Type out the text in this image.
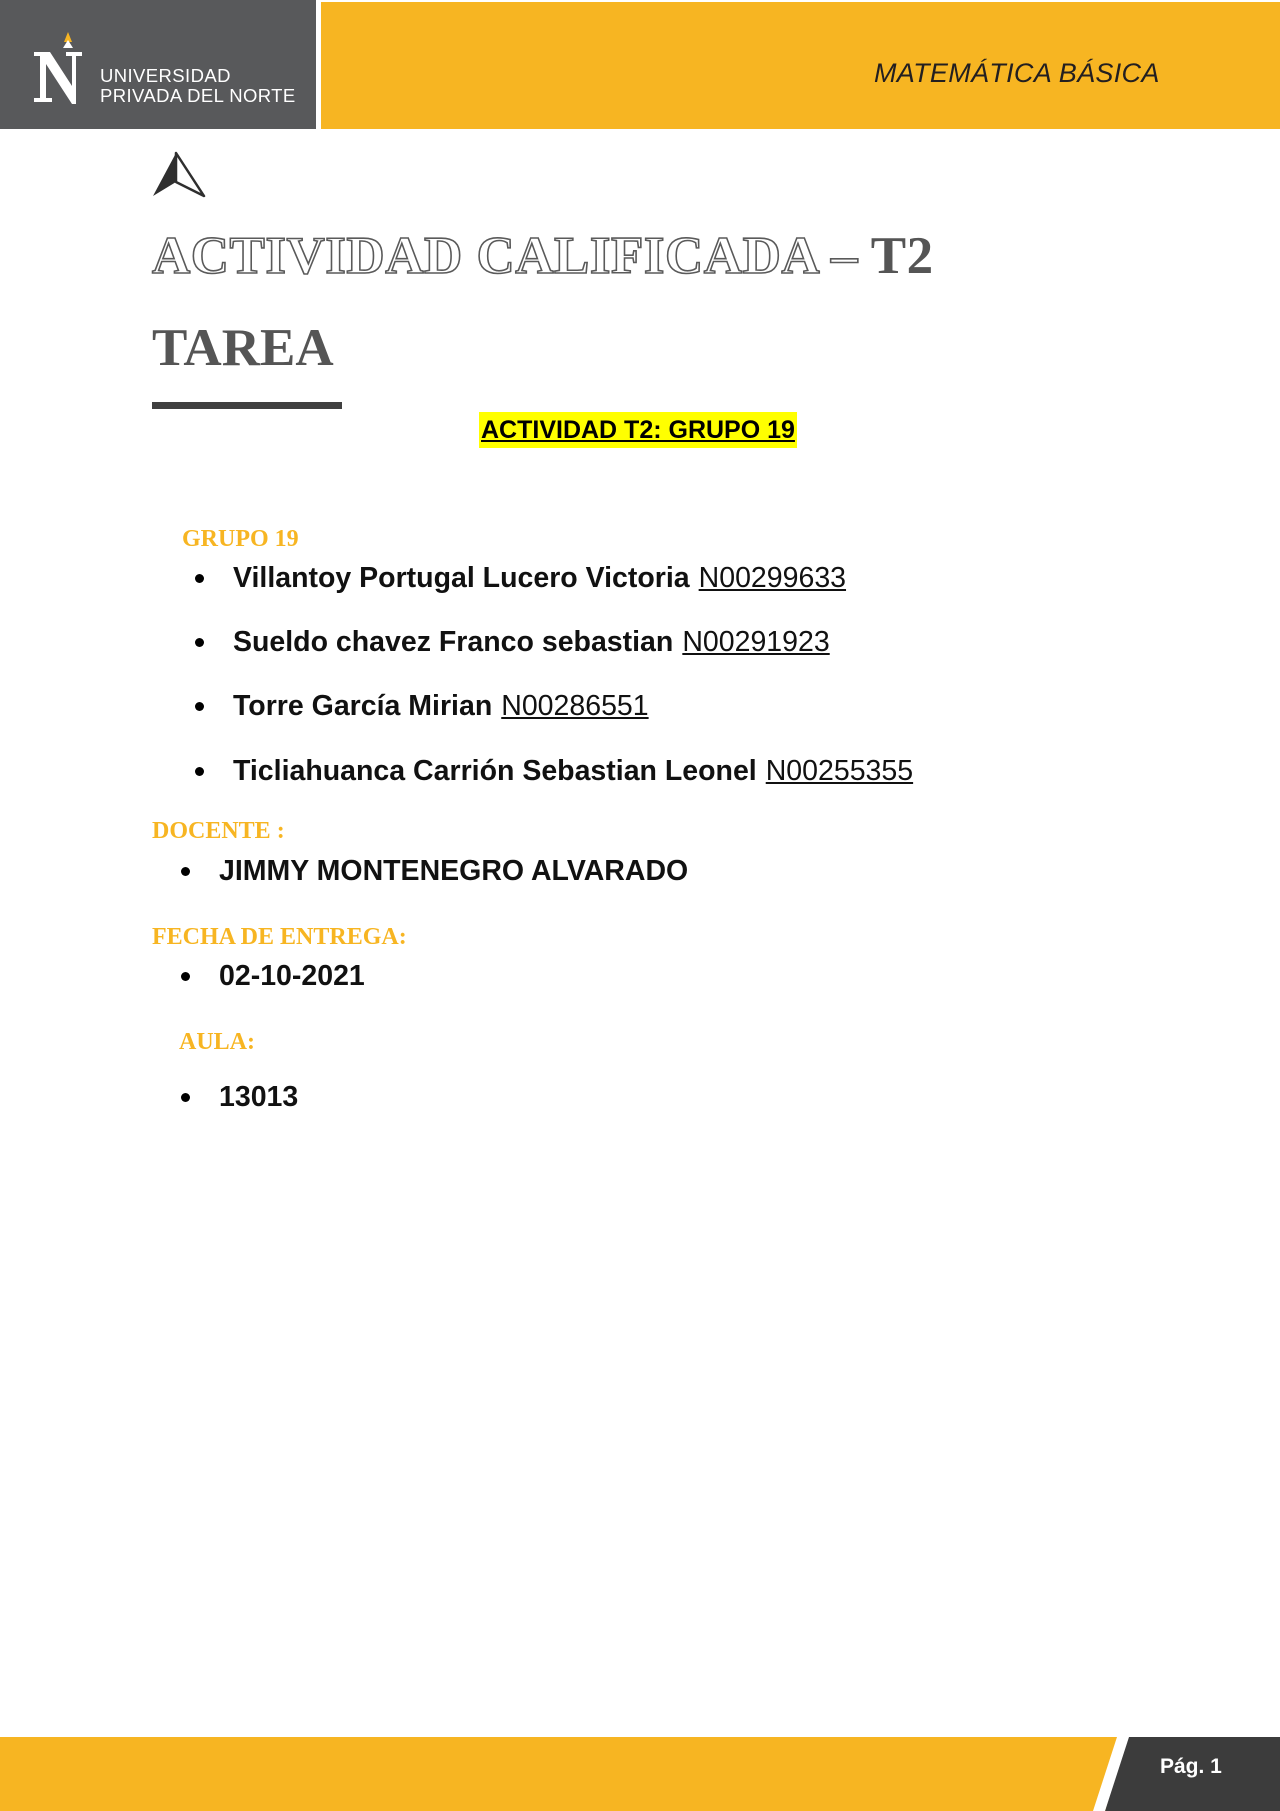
UNIVERSIDAD
PRIVADA DEL NORTE
MATEMÁTICA BÁSICA
ACTIVIDAD CALIFICADA – T2
TAREA
ACTIVIDAD T2: GRUPO 19
GRUPO 19
Villantoy Portugal Lucero Victoria N00299633
Sueldo chavez Franco sebastian N00291923
Torre García Mirian N00286551
Ticliahuanca Carrión Sebastian Leonel N00255355
DOCENTE :
JIMMY MONTENEGRO ALVARADO
FECHA DE ENTREGA:
02-10-2021
AULA:
13013
Pág. 1
